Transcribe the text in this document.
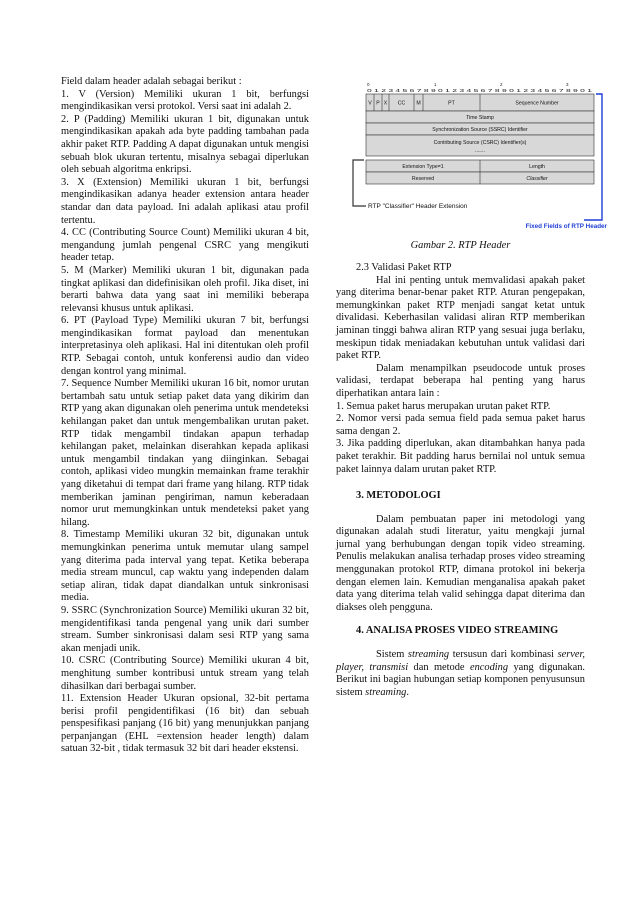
Field dalam header adalah sebagai berikut :

1. V (Version) Memiliki ukuran 1 bit, berfungsi mengindikasikan versi protokol. Versi saat ini adalah 2.

2. P (Padding) Memiliki ukuran 1 bit, digunakan untuk mengindikasikan apakah ada byte padding tambahan pada akhir paket RTP. Padding A dapat digunakan untuk mengisi sebuah blok ukuran tertentu, misalnya sebagai diperlukan oleh sebuah algoritma enkripsi.

3. X (Extension) Memiliki ukuran 1 bit, berfungsi mengindikasikan adanya header extension antara header standar dan data payload. Ini adalah aplikasi atau profil tertentu.

4. CC (Contributing Source Count) Memiliki ukuran 4 bit, mengandung jumlah pengenal CSRC yang mengikuti header tetap.

5. M (Marker) Memiliki ukuran 1 bit, digunakan pada tingkat aplikasi dan didefinisikan oleh profil. Jika diset, ini berarti bahwa data yang saat ini memiliki beberapa relevansi khusus untuk aplikasi.

6. PT (Payload Type) Memiliki ukuran 7 bit, berfungsi mengindikasikan format payload dan menentukan interpretasinya oleh aplikasi. Hal ini ditentukan oleh profil RTP. Sebagai contoh, untuk konferensi audio dan video dengan kontrol yang minimal.

7. Sequence Number Memiliki ukuran 16 bit, nomor urutan bertambah satu untuk setiap paket data yang dikirim dan RTP yang akan digunakan oleh penerima untuk mendeteksi kehilangan paket dan untuk mengembalikan urutan paket. RTP tidak mengambil tindakan apapun terhadap kehilangan paket, melainkan diserahkan kepada aplikasi untuk mengambil tindakan yang diinginkan. Sebagai contoh, aplikasi video mungkin memainkan frame terakhir yang diketahui di tempat dari frame yang hilang. RTP tidak memberikan jaminan pengiriman, namun keberadaan nomor urut memungkinkan untuk mendeteksi paket yang hilang.

8. Timestamp Memiliki ukuran 32 bit, digunakan untuk memungkinkan penerima untuk memutar ulang sampel yang diterima pada interval yang tepat. Ketika beberapa media stream muncul, cap waktu yang independen dalam setiap aliran, tidak dapat diandalkan untuk sinkronisasi media.

9. SSRC (Synchronization Source) Memiliki ukuran 32 bit, mengidentifikasi tanda pengenal yang unik dari sumber stream. Sumber sinkronisasi dalam sesi RTP yang sama akan menjadi unik.

10. CSRC (Contributing Source) Memiliki ukuran 4 bit, menghitung sumber kontribusi untuk stream yang telah dihasilkan dari berbagai sumber.

11. Extension Header Ukuran opsional, 32-bit pertama berisi profil pengidentifikasi (16 bit) dan sebuah penspesifikasi panjang (16 bit) yang menunjukkan panjang perpanjangan (EHL =extension header length) dalam satuan 32-bit , tidak termasuk 32 bit dari header ekstensi.

0	1	2	3
0 1 2 3 4 5 6 7 8 9 0 1 2 3 4 5 6 7 8 9 0 1 2 3 4 5 6 7 8 9 0 1
V P X CC M	PT	Sequence Number
Time Stamp
Synchronization Source (SSRC) Identifier
Contributing Source (CSRC) Identifier(s)
.......
Extension Type=1	Length
Reserved	Classifier
RTP "Classifier" Header Extension
Fixed Fields of RTP Header
Gambar 2. RTP Header

2.3 Validasi Paket RTP

Hal ini penting untuk memvalidasi apakah paket yang diterima benar-benar paket RTP. Aturan pengepakan, memungkinkan paket RTP menjadi sangat ketat untuk divalidasi. Keberhasilan validasi aliran RTP memberikan jaminan tinggi bahwa aliran RTP yang sesuai juga berlaku, meskipun tidak meniadakan kebutuhan untuk validasi dari paket RTP.

Dalam menampilkan pseudocode untuk proses validasi, terdapat beberapa hal penting yang harus diperhatikan antara lain :

1. Semua paket harus merupakan urutan paket RTP.

2. Nomor versi pada semua field pada semua paket harus sama dengan 2.

3. Jika padding diperlukan, akan ditambahkan hanya pada paket terakhir. Bit padding harus bernilai nol untuk semua paket lainnya dalam urutan paket RTP.

3. METODOLOGI

Dalam pembuatan paper ini metodologi yang digunakan adalah studi literatur, yaitu mengkaji jurnal jurnal yang berhubungan dengan topik video streaming. Penulis melakukan analisa terhadap proses video streaming menggunakan protokol RTP, dimana protokol ini bekerja dengan elemen lain. Kemudian menganalisa apakah paket data yang diterima telah valid sehingga dapat diterima dan diakses oleh pengguna.

4. ANALISA PROSES VIDEO STREAMING

Sistem streaming tersusun dari kombinasi server, player, transmisi dan metode encoding yang digunakan. Berikut ini bagian hubungan setiap komponen penyusunsun sistem streaming.
